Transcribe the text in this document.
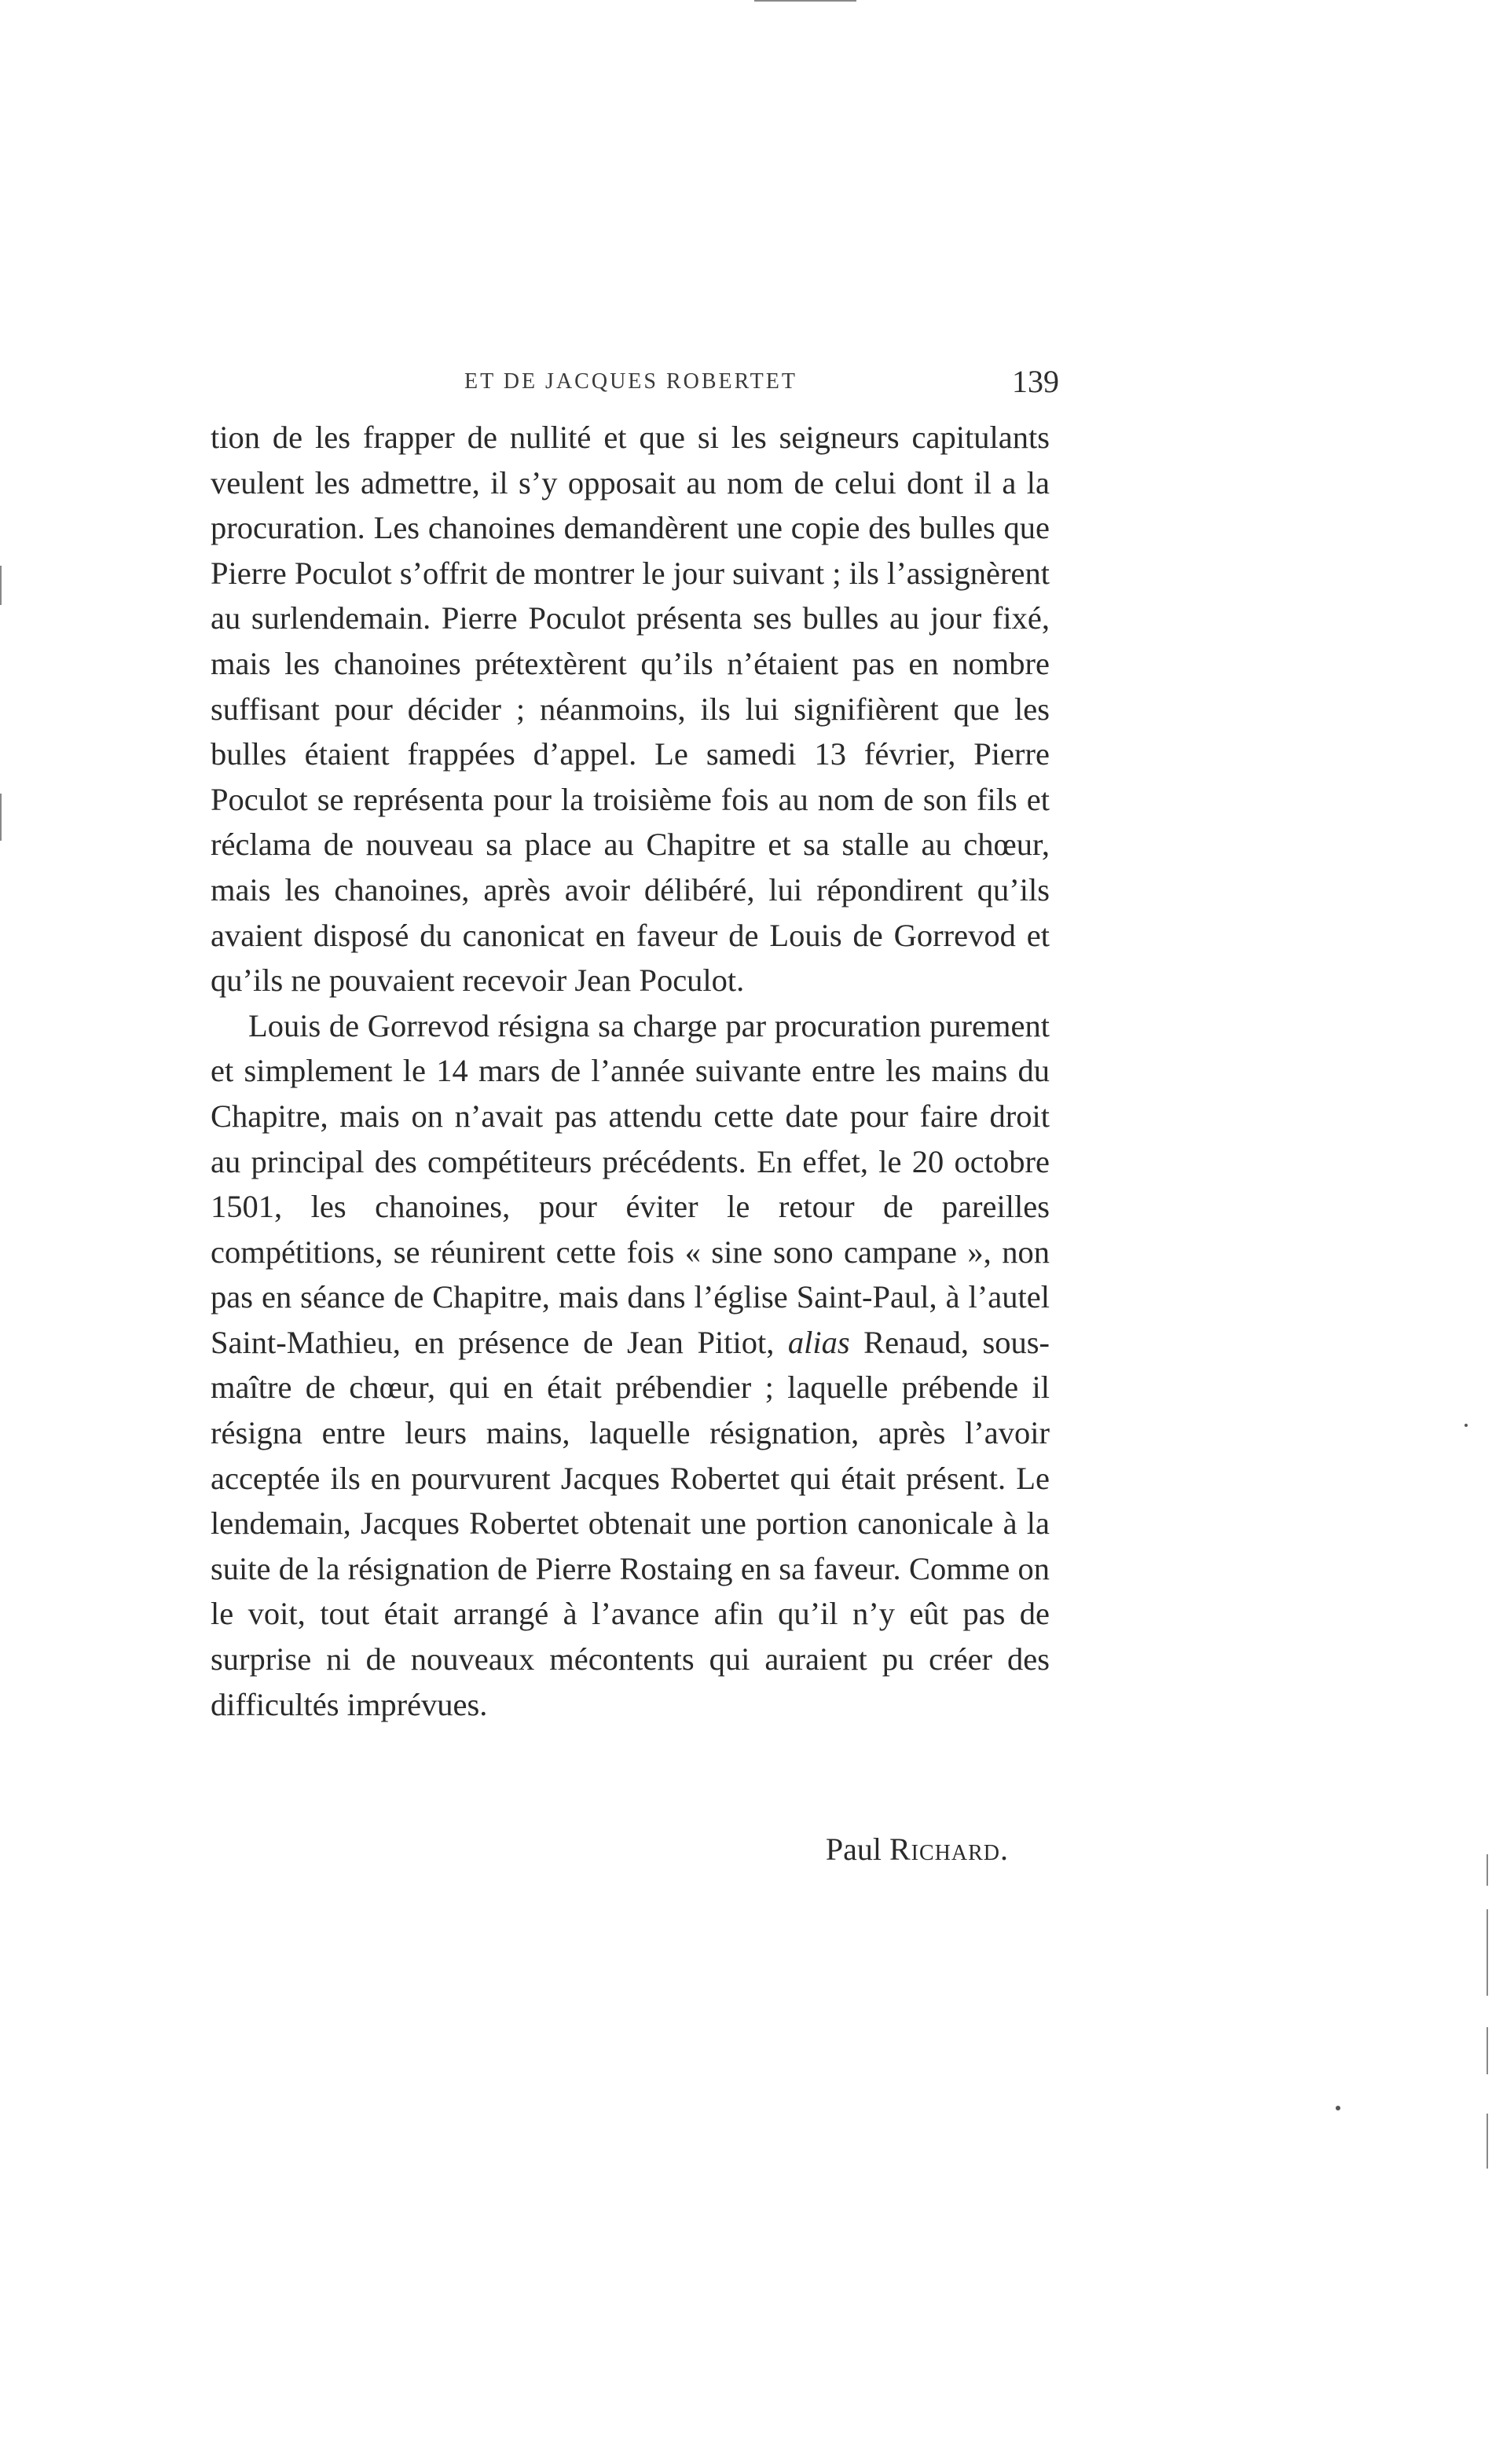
ET DE JACQUES ROBERTET	139

tion de les frapper de nullité et que si les seigneurs capitulants veulent les admettre, il s’y opposait au nom de celui dont il a la procuration. Les chanoines demandèrent une copie des bulles que Pierre Poculot s’offrit de montrer le jour suivant ; ils l’assignèrent au surlendemain. Pierre Poculot présenta ses bulles au jour fixé, mais les chanoines prétextèrent qu’ils n’étaient pas en nombre suffisant pour décider ; néanmoins, ils lui signifièrent que les bulles étaient frappées d’appel. Le samedi 13 février, Pierre Poculot se représenta pour la troisième fois au nom de son fils et réclama de nouveau sa place au Chapitre et sa stalle au chœur, mais les chanoines, après avoir délibéré, lui répondirent qu’ils avaient disposé du canonicat en faveur de Louis de Gorrevod et qu’ils ne pouvaient recevoir Jean Poculot.

Louis de Gorrevod résigna sa charge par procuration purement et simplement le 14 mars de l’année suivante entre les mains du Chapitre, mais on n’avait pas attendu cette date pour faire droit au principal des compétiteurs précédents. En effet, le 20 octobre 1501, les chanoines, pour éviter le retour de pareilles compétitions, se réunirent cette fois « sine sono campane », non pas en séance de Chapitre, mais dans l’église Saint-Paul, à l’autel Saint-Mathieu, en présence de Jean Pitiot, alias Renaud, sous-maître de chœur, qui en était prébendier ; laquelle prébende il résigna entre leurs mains, laquelle résignation, après l’avoir acceptée ils en pourvurent Jacques Robertet qui était présent. Le lendemain, Jacques Robertet obtenait une portion canonicale à la suite de la résignation de Pierre Rostaing en sa faveur. Comme on le voit, tout était arrangé à l’avance afin qu’il n’y eût pas de surprise ni de nouveaux mécontents qui auraient pu créer des difficultés imprévues.

Paul Richard.
